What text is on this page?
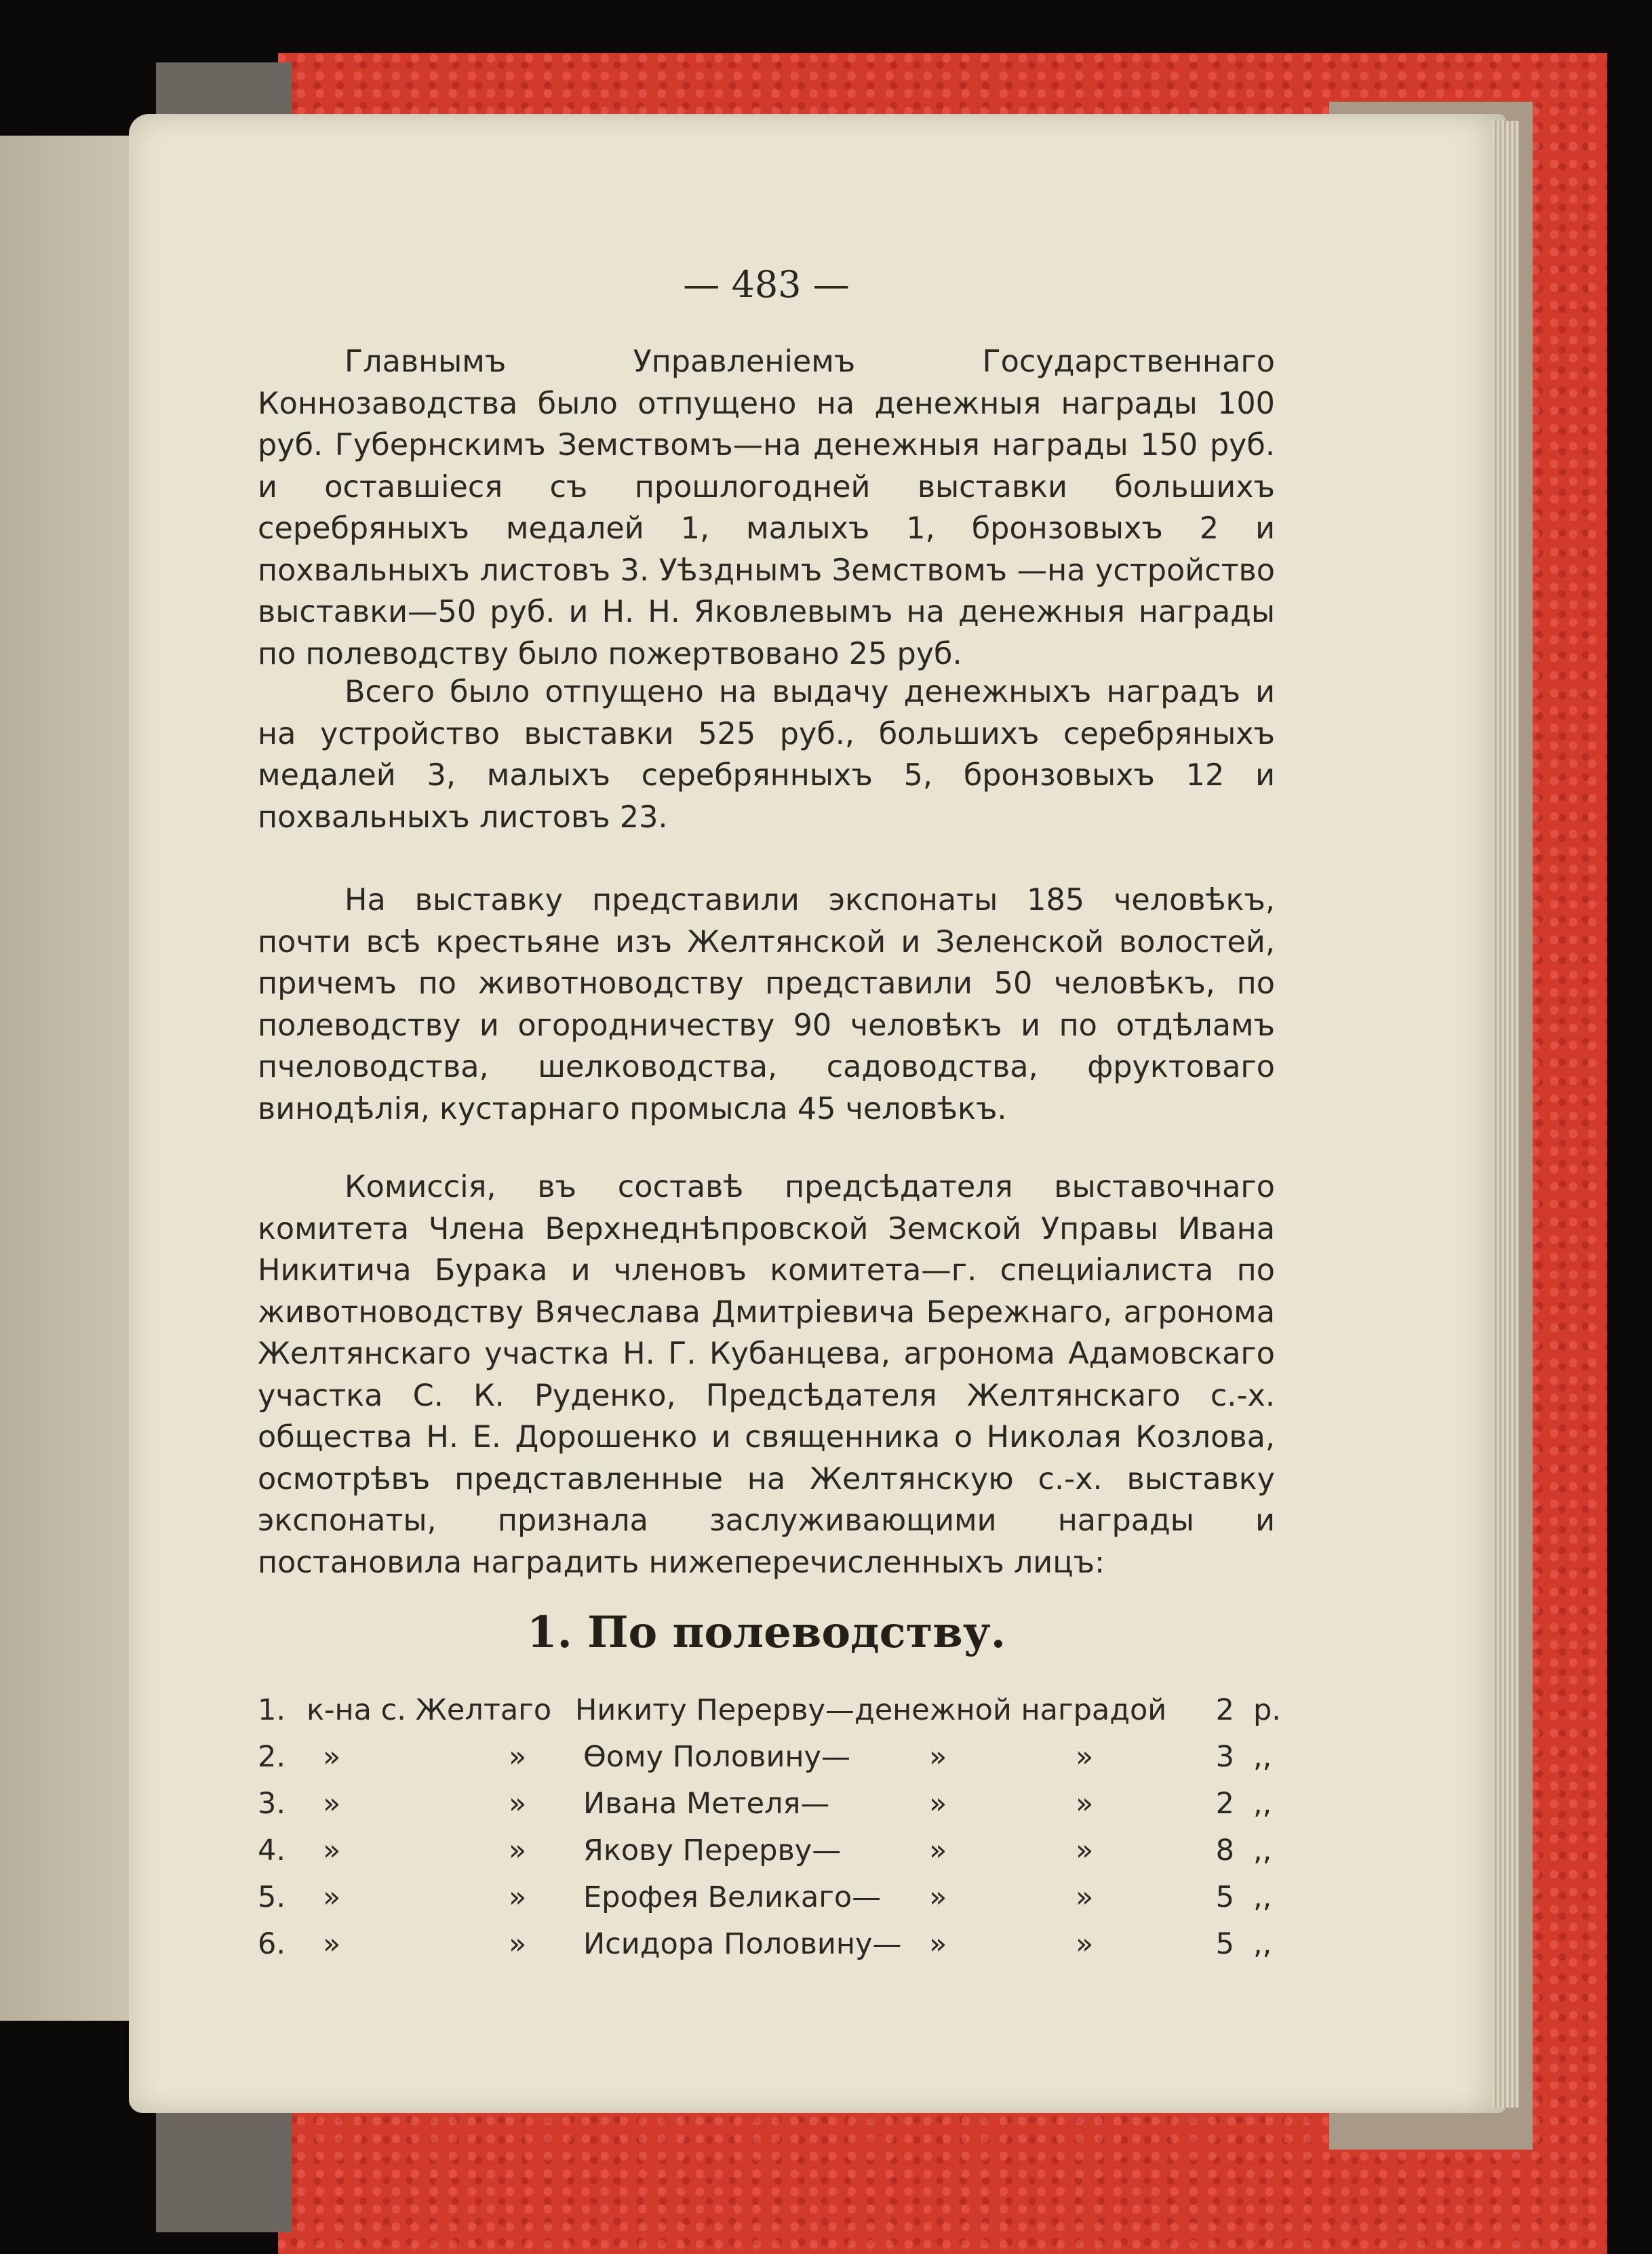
— 483 —

Главнымъ Управленіемъ Государственнаго Коннозаводства было отпущено на денежныя награды 100 руб. Губернскимъ Земствомъ—на денежныя награды 150 руб. и оставшіеся съ прошлогодней выставки большихъ серебряныхъ медалей 1, малыхъ 1, бронзовыхъ 2 и похвальныхъ листовъ 3. Уѣзднымъ Земствомъ —на устройство выставки—50 руб. и Н. Н. Яковлевымъ на денежныя награды по полеводству было пожертвовано 25 руб.

Всего было отпущено на выдачу денежныхъ наградъ и на устройство выставки 525 руб., большихъ серебряныхъ медалей 3, малыхъ серебрянныхъ 5, бронзовыхъ 12 и похвальныхъ листовъ 23.

На выставку представили экспонаты 185 человѣкъ, почти всѣ крестьяне изъ Желтянской и Зеленской волостей, причемъ по животноводству представили 50 человѣкъ, по полеводству и огородничеству 90 человѣкъ и по отдѣламъ пчеловодства, шелководства, садоводства, фруктоваго винодѣлія, кустарнаго промысла 45 человѣкъ.

Комиссія, въ составѣ предсѣдателя выставочнаго комитета Члена Верхнеднѣпровской Земской Управы Ивана Никитича Бурака и членовъ комитета—г. специіалиста по животноводству Вячеслава Дмитріевича Бережнаго, агронома Желтянскаго участка Н. Г. Кубанцева, агронома Адамовскаго участка С. К. Руденко, Предсѣдателя Желтянскаго с.-х. общества Н. Е. Дорошенко и священника о Николая Козлова, осмотрѣвъ представленные на Желтянскую с.-х. выставку экспонаты, признала заслуживающими награды и постановила наградить нижеперечисленныхъ лицъ:

1. По полеводству.
1. к-на с. Желтаго Никиту Перерву—денежной наградой 2 р.
2. »	» Ѳому Половину—	»	»	3 ,,
3. »	» Ивана Метеля—	»	»	2 ,,
4. »	» Якову Перерву—	»	»	8 ,,
5. »	» Ерофея Великаго— »	»	5 ,,
6. »	» Исидора Половину— »	»	5 ,,
